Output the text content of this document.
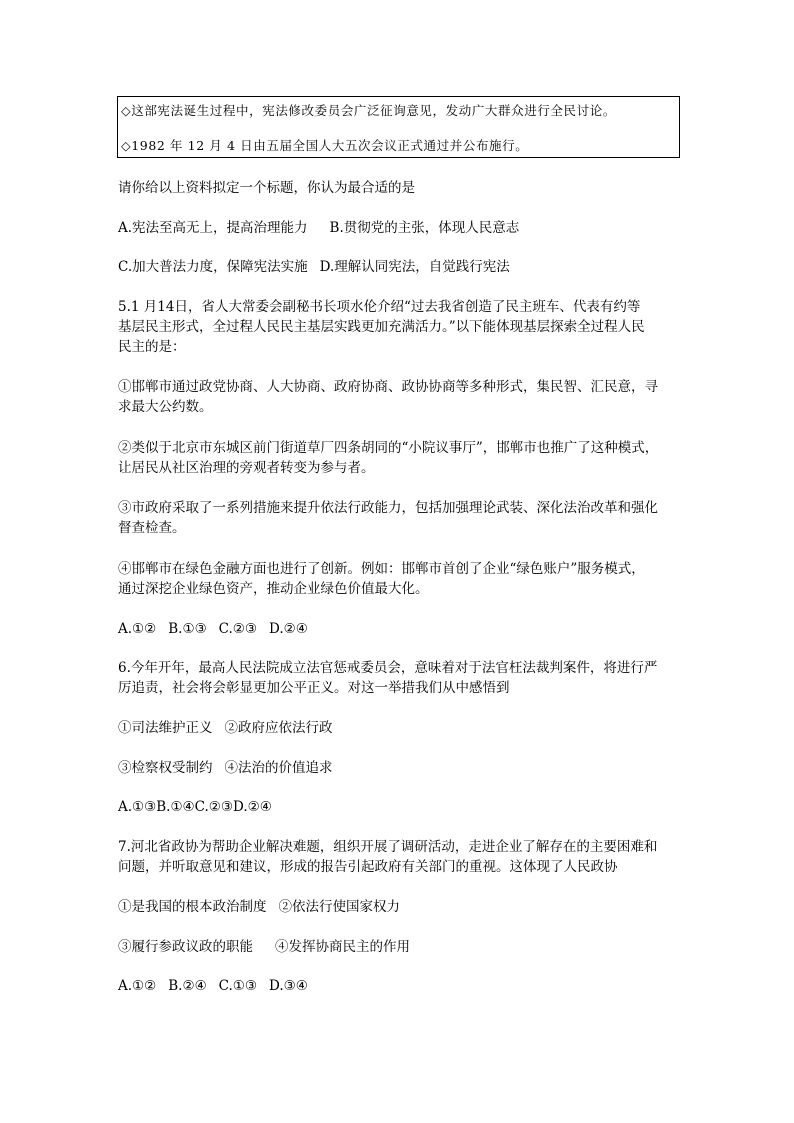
◇这部宪法诞生过程中，宪法修改委员会广泛征询意见，发动广大群众进行全民讨论。
◇1982 年 12 月 4 日由五届全国人大五次会议正式通过并公布施行。
请你给以上资料拟定一个标题，你认为最合适的是
A.宪法至高无上，提高治理能力 B.贯彻党的主张，体现人民意志
C.加大普法力度，保障宪法实施 D.理解认同宪法，自觉践行宪法
5.1 月14日，省人大常委会副秘书长项水伦介绍“过去我省创造了民主班车、代表有约等
基层民主形式，全过程人民民主基层实践更加充满活力。”以下能体现基层探索全过程人民
民主的是：
①邯郸市通过政党协商、人大协商、政府协商、政协协商等多种形式，集民智、汇民意，寻
求最大公约数。
②类似于北京市东城区前门街道草厂四条胡同的“小院议事厅”，邯郸市也推广了这种模式，
让居民从社区治理的旁观者转变为参与者。
③市政府采取了一系列措施来提升依法行政能力，包括加强理论武装、深化法治改革和强化
督查检查。
④邯郸市在绿色金融方面也进行了创新。例如：邯郸市首创了企业“绿色账户”服务模式，
通过深挖企业绿色资产，推动企业绿色价值最大化。
A.①② B.①③ C.②③ D.②④
6.今年开年，最高人民法院成立法官惩戒委员会，意味着对于法官枉法裁判案件，将进行严
厉追责，社会将会彰显更加公平正义。对这一举措我们从中感悟到
①司法维护正义 ②政府应依法行政
③检察权受制约 ④法治的价值追求
A.①③B.①④C.②③D.②④
7.河北省政协为帮助企业解决难题，组织开展了调研活动，走进企业了解存在的主要困难和
问题，并听取意见和建议，形成的报告引起政府有关部门的重视。这体现了人民政协
①是我国的根本政治制度 ②依法行使国家权力
③履行参政议政的职能 ④发挥协商民主的作用
A.①② B.②④ C.①③ D.③④
